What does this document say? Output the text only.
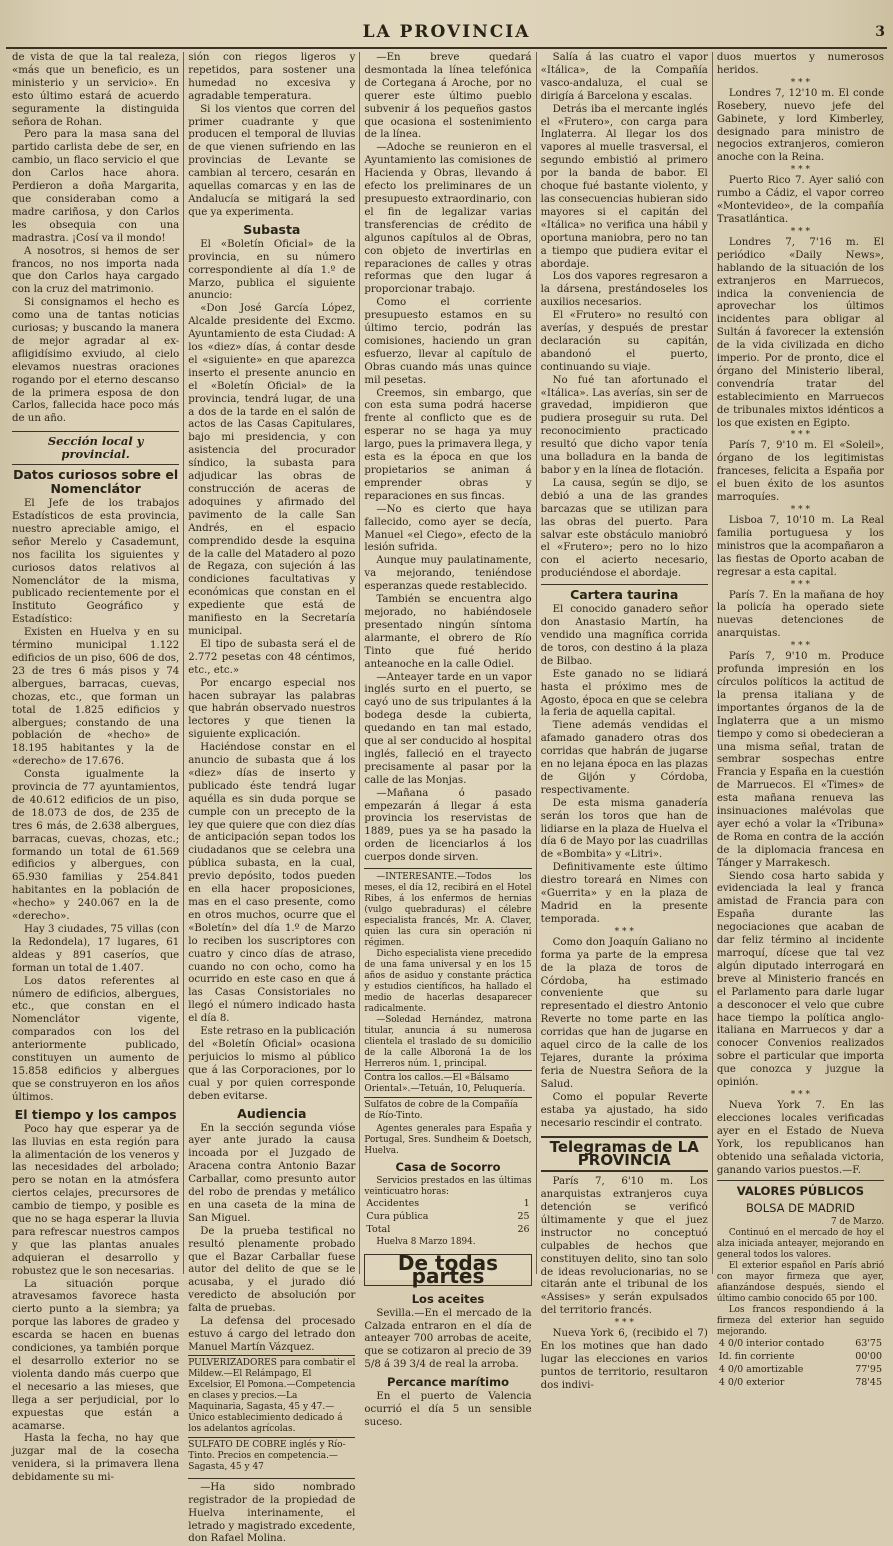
LA PROVINCIA	3

de vista de que la tal realeza, «más que un beneficio, es un ministerio y un servicio». En esto último estará de acuerdo seguramente la distinguida señora de Rohan.

Pero para la masa sana del partido carlista debe de ser, en cambio, un flaco servicio el que don Carlos hace ahora. Perdieron a doña Margarita, que consideraban como a madre cariñosa, y don Carlos les obsequia con una madrastra. ¡Cosí va il mondo!

A nosotros, si hemos de ser francos, no nos importa nada que don Carlos haya cargado con la cruz del matrimonio.

Si consignamos el hecho es como una de tantas noticias curiosas; y buscando la manera de mejor agradar al ex-afligidísimo exviudo, al cielo elevamos nuestras oraciones rogando por el eterno descanso de la primera esposa de don Carlos, fallecida hace poco más de un año.

Sección local y provincial.
Datos curiosos sobre el Nomenclátor

El Jefe de los trabajos Estadísticos de esta provincia, nuestro apreciable amigo, el señor Merelo y Casademunt, nos facilita los siguientes y curiosos datos relativos al Nomenclátor de la misma, publicado recientemente por el Instituto Geográfico y Estadístico:

Existen en Huelva y en su término municipal 1.122 edificios de un piso, 606 de dos, 23 de tres 6 más pisos y 74 albergues, barracas, cuevas, chozas, etc., que forman un total de 1.825 edificios y albergues; constando de una población de «hecho» de 18.195 habitantes y la de «derecho» de 17.676.

Consta igualmente la provincia de 77 ayuntamientos, de 40.612 edificios de un piso, de 18.073 de dos, de 235 de tres 6 más, de 2.638 albergues, barracas, cuevas, chozas, etc.; formando un total de 61.569 edificios y albergues, con 65.930 familias y 254.841 habitantes en la población de «hecho» y 240.067 en la de «derecho».

Hay 3 ciudades, 75 villas (con la Redondela), 17 lugares, 61 aldeas y 891 caseríos, que forman un total de 1.407.

Los datos referentes al número de edificios, albergues, etc., que constan en el Nomenclátor vigente, comparados con los del anteriormente publicado, constituyen un aumento de 15.858 edificios y albergues que se construyeron en los años últimos.

El tiempo y los campos

Poco hay que esperar ya de las lluvias en esta región para la alimentación de los veneros y las necesidades del arbolado; pero se notan en la atmósfera ciertos celajes, precursores de cambio de tiempo, y posible es que no se haga esperar la lluvia para refrescar nuestros campos y que las plantas anuales adquieran el desarrollo y robustez que le son necesarias.

La situación porque atravesamos favorece hasta cierto punto a la siembra; ya porque las labores de gradeo y escarda se hacen en buenas condiciones, ya también porque el desarrollo exterior no se violenta dando más cuerpo que el necesario a las mieses, que llega a ser perjudicial, por lo expuestas que están a acamarse.

Hasta la fecha, no hay que juzgar mal de la cosecha venidera, si la primavera llena debidamente su mi-

sión con riegos ligeros y repetidos, para sostener una humedad no excesiva y agradable temperatura.

Si los vientos que corren del primer cuadrante y que producen el temporal de lluvias de que vienen sufriendo en las provincias de Levante se cambian al tercero, cesarán en aquellas comarcas y en las de Andalucía se mitigará la sed que ya experimenta.

Subasta

El «Boletín Oficial» de la provincia, en su número correspondiente al día 1.º de Marzo, publica el siguiente anuncio:

«Don José García López, Alcalde presidente del Excmo. Ayuntamiento de esta Ciudad: A los «diez» días, á contar desde el «siguiente» en que aparezca inserto el presente anuncio en el «Boletín Oficial» de la provincia, tendrá lugar, de una a dos de la tarde en el salón de actos de las Casas Capitulares, bajo mi presidencia, y con asistencia del procurador síndico, la subasta para adjudicar las obras de construcción de aceras de adoquines y afirmado del pavimento de la calle San Andrés, en el espacio comprendido desde la esquina de la calle del Matadero al pozo de Regaza, con sujeción á las condiciones facultativas y económicas que constan en el expediente que está de manifiesto en la Secretaría municipal.

El tipo de subasta será el de 2.772 pesetas con 48 céntimos, etc., etc.»

Por encargo especial nos hacen subrayar las palabras que habrán observado nuestros lectores y que tienen la siguiente explicación.

Haciéndose constar en el anuncio de subasta que á los «diez» días de inserto y publicado éste tendrá lugar aquélla es sin duda porque se cumple con un precepto de la ley que quiere que con diez días de anticipación sepan todos los ciudadanos que se celebra una pública subasta, en la cual, previo depósito, todos pueden en ella hacer proposiciones, mas en el caso presente, como en otros muchos, ocurre que el «Boletín» del día 1.º de Marzo lo reciben los suscriptores con cuatro y cinco días de atraso, cuando no con ocho, como ha ocurrido en este caso en que á las Casas Consistoriales no llegó el número indicado hasta el día 8.

Este retraso en la publicación del «Boletín Oficial» ocasiona perjuicios lo mismo al público que á las Corporaciones, por lo cual y por quien corresponde deben evitarse.

Audiencia

En la sección segunda vióse ayer ante jurado la causa incoada por el Juzgado de Aracena contra Antonio Bazar Carballar, como presunto autor del robo de prendas y metálico en una caseta de la mina de San Miguel.

De la prueba testifical no resultó plenamente probado que el Bazar Carballar fuese autor del delito de que se le acusaba, y el jurado dió veredicto de absolución por falta de pruebas.

La defensa del procesado estuvo á cargo del letrado don Manuel Martín Vázquez.

PULVERIZADORES para combatir el Mildew.—El Relámpago, El Excelsior, El Pomona.—Competencia en clases y precios.—La Maquinaria, Sagasta, 45 y 47.—Único establecimiento dedicado á los adelantos agrícolas.
SULFATO DE COBRE inglés y Río-Tinto. Precios en competencia.—Sagasta, 45 y 47

—Ha sido nombrado registrador de la propiedad de Huelva interinamente, el letrado y magistrado excedente, don Rafael Molina.

—En breve quedará desmontada la línea telefónica de Cortegana á Aroche, por no querer este último pueblo subvenir á los pequeños gastos que ocasiona el sostenimiento de la línea.

—Adoche se reunieron en el Ayuntamiento las comisiones de Hacienda y Obras, llevando á efecto los preliminares de un presupuesto extraordinario, con el fin de legalizar varias transferencias de crédito de algunos capítulos al de Obras, con objeto de invertirlas en reparaciones de calles y otras reformas que den lugar á proporcionar trabajo.

Como el corriente presupuesto estamos en su último tercio, podrán las comisiones, haciendo un gran esfuerzo, llevar al capítulo de Obras cuando más unas quince mil pesetas.

Creemos, sin embargo, que con esta suma podrá hacerse frente al conflicto que es de esperar no se haga ya muy largo, pues la primavera llega, y esta es la época en que los propietarios se animan á emprender obras y reparaciones en sus fincas.

—No es cierto que haya fallecido, como ayer se decía, Manuel «el Ciego», efecto de la lesión sufrida.

Aunque muy paulatinamente, va mejorando, teniéndose esperanzas quede restablecido.

También se encuentra algo mejorado, no habiéndosele presentado ningún síntoma alarmante, el obrero de Río Tinto que fué herido anteanoche en la calle Odiel.

—Anteayer tarde en un vapor inglés surto en el puerto, se cayó uno de sus tripulantes á la bodega desde la cubierta, quedando en tan mal estado, que al ser conducido al hospital inglés, falleció en el trayecto precisamente al pasar por la calle de las Monjas.

—Mañana ó pasado empezarán á llegar á esta provincia los reservistas de 1889, pues ya se ha pasado la orden de licenciarlos á los cuerpos donde sirven.

—INTERESANTE.—Todos los meses, el día 12, recibirá en el Hotel Ribes, á los enfermos de hernias (vulgo quebraduras) el célebre especialista francés, Mr. A. Claver, quien las cura sin operación ni régimen.

Dicho especialista viene precedido de una fama universal y en los 15 años de asiduo y constante práctica y estudios científicos, ha hallado el medio de hacerlas desaparecer radicalmente.

—Soledad Hernández, matrona titular, anuncia á su numerosa clientela el traslado de su domicilio de la calle Alboroná 1a de los Herreros núm. 1, principal.

Contra los callos.—El «Bálsamo Oriental».—Tetuán, 10, Peluquería.
Sulfatos de cobre de la Compañía de Río-Tinto.

Agentes generales para España y Portugal, Sres. Sundheim & Doetsch, Huelva.

Casa de Socorro

Servicios prestados en las últimas veinticuatro horas:

Accidentes	1
Cura pública	25
Total	26

Huelva 8 Marzo 1894.

De todas partes
Los aceites

Sevilla.—En el mercado de la Calzada entraron en el día de anteayer 700 arrobas de aceite, que se cotizaron al precio de 39 5/8 á 39 3/4 de real la arroba.

Percance marítimo

En el puerto de Valencia ocurrió el día 5 un sensible suceso.

Salía á las cuatro el vapor «Itálica», de la Compañía vasco-andaluza, el cual se dirigía á Barcelona y escalas.

Detrás iba el mercante inglés el «Frutero», con carga para Inglaterra. Al llegar los dos vapores al muelle trasversal, el segundo embistió al primero por la banda de babor. El choque fué bastante violento, y las consecuencias hubieran sido mayores si el capitán del «Itálica» no verifica una hábil y oportuna maniobra, pero no tan a tiempo que pudiera evitar el abordaje.

Los dos vapores regresaron a la dársena, prestándoseles los auxilios necesarios.

El «Frutero» no resultó con averías, y después de prestar declaración su capitán, abandonó el puerto, continuando su viaje.

No fué tan afortunado el «Itálica». Las averías, sin ser de gravedad, impidieron que pudiera proseguir su ruta. Del reconocimiento practicado resultó que dicho vapor tenía una bolladura en la banda de babor y en la línea de flotación.

La causa, según se dijo, se debió a una de las grandes barcazas que se utilizan para las obras del puerto. Para salvar este obstáculo maniobró el «Frutero»; pero no lo hizo con el acierto necesario, produciéndose el abordaje.

Cartera taurina

El conocido ganadero señor don Anastasio Martín, ha vendido una magnífica corrida de toros, con destino á la plaza de Bilbao.

Este ganado no se lidiará hasta el próximo mes de Agosto, época en que se celebra la feria de aquella capital.

Tiene además vendidas el afamado ganadero otras dos corridas que habrán de jugarse en no lejana época en las plazas de Gijón y Córdoba, respectivamente.

De esta misma ganadería serán los toros que han de lidiarse en la plaza de Huelva el día 6 de Mayo por las cuadrillas de «Bombita» y «Litri».

Definitivamente este último diestro toreará en Nimes con «Guerrita» y en la plaza de Madrid en la presente temporada.

* * *

Como don Joaquín Galiano no forma ya parte de la empresa de la plaza de toros de Córdoba, ha estimado conveniente que su representado el diestro Antonio Reverte no tome parte en las corridas que han de jugarse en aquel circo de la calle de los Tejares, durante la próxima feria de Nuestra Señora de la Salud.

Como el popular Reverte estaba ya ajustado, ha sido necesario rescindir el contrato.

Telegramas de LA PROVINCIA

París 7, 6'10 m. Los anarquistas extranjeros cuya detención se verificó últimamente y que el juez instructor no conceptuó culpables de hechos que constituyen delito, sino tan solo de ideas revolucionarias, no se citarán ante el tribunal de los «Assises» y serán expulsados del territorio francés.

* * *

Nueva York 6, (recibido el 7) En los motines que han dado lugar las elecciones en varios puntos de territorio, resultaron dos indivi-

duos muertos y numerosos heridos.

* * *

Londres 7, 12'10 m. El conde Rosebery, nuevo jefe del Gabinete, y lord Kimberley, designado para ministro de negocios extranjeros, comieron anoche con la Reina.

* * *

Puerto Rico 7. Ayer salió con rumbo a Cádiz, el vapor correo «Montevideo», de la compañía Trasatlántica.

* * *

Londres 7, 7'16 m. El periódico «Daily News», hablando de la situación de los extranjeros en Marruecos, indica la conveniencia de aprovechar los últimos incidentes para obligar al Sultán á favorecer la extensión de la vida civilizada en dicho imperio. Por de pronto, dice el órgano del Ministerio liberal, convendría tratar del establecimiento en Marruecos de tribunales mixtos idénticos a los que existen en Egipto.

* * *

París 7, 9'10 m. El «Soleil», órgano de los legitimistas franceses, felicita a España por el buen éxito de los asuntos marroquíes.

* * *

Lisboa 7, 10'10 m. La Real familia portuguesa y los ministros que la acompañaron a las fiestas de Oporto acaban de regresar a esta capital.

* * *

París 7. En la mañana de hoy la policía ha operado siete nuevas detenciones de anarquistas.

* * *

París 7, 9'10 m. Produce profunda impresión en los círculos políticos la actitud de la prensa italiana y de importantes órganos de la de Inglaterra que a un mismo tiempo y como si obedecieran a una misma señal, tratan de sembrar sospechas entre Francia y España en la cuestión de Marruecos. El «Times» de esta mañana renueva las insinuaciones malévolas que ayer echó a volar la «Tribuna» de Roma en contra de la acción de la diplomacia francesa en Tánger y Marrakesch.

Siendo cosa harto sabida y evidenciada la leal y franca amistad de Francia para con España durante las negociaciones que acaban de dar feliz término al incidente marroquí, dícese que tal vez algún diputado interrogará en breve al Ministerio francés en el Parlamento para darle lugar a desconocer el velo que cubre hace tiempo la política anglo-italiana en Marruecos y dar a conocer Convenios realizados sobre el particular que importa que conozca y juzgue la opinión.

* * *

Nueva York 7. En las elecciones locales verificadas ayer en el Estado de Nueva York, los republicanos han obtenido una señalada victoria, ganando varios puestos.—F.

VALORES PÚBLICOS
BOLSA DE MADRID

7 de Marzo.

Continuó en el mercado de hoy el alza iniciada anteayer, mejorando en general todos los valores.

El exterior español en París abrió con mayor firmeza que ayer, afianzándose después, siendo el último cambio conocido 65 por 100.

Los francos respondiendo á la firmeza del exterior han seguido mejorando.

4 0/0 interior contado	63'75
Id. fin corriente	00'00
4 0/0 amortizable	77'95
4 0/0 exterior	78'45
